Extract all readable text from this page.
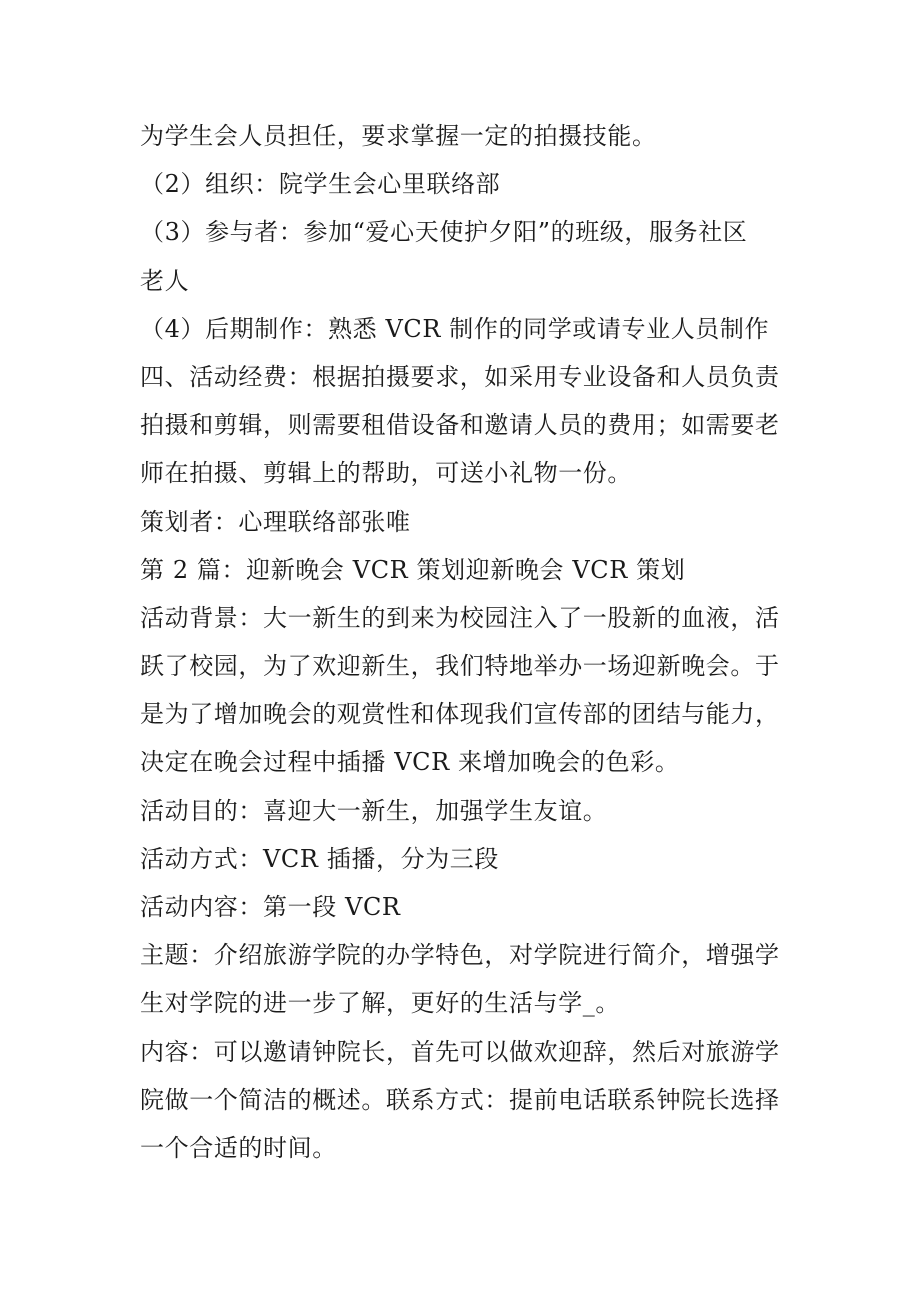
为学生会人员担任，要求掌握一定的拍摄技能。
（2）组织：院学生会心里联络部
（3）参与者：参加“爱心天使护夕阳”的班级，服务社区
老人
（4）后期制作：熟悉 VCR 制作的同学或请专业人员制作
四、活动经费：根据拍摄要求，如采用专业设备和人员负责
拍摄和剪辑，则需要租借设备和邀请人员的费用；如需要老
师在拍摄、剪辑上的帮助，可送小礼物一份。
策划者：心理联络部张唯
第 2 篇：迎新晚会 VCR 策划迎新晚会 VCR 策划
活动背景：大一新生的到来为校园注入了一股新的血液，活
跃了校园，为了欢迎新生，我们特地举办一场迎新晚会。于
是为了增加晚会的观赏性和体现我们宣传部的团结与能力，
决定在晚会过程中插播 VCR 来增加晚会的色彩。
活动目的：喜迎大一新生，加强学生友谊。
活动方式：VCR 插播，分为三段
活动内容：第一段 VCR
主题：介绍旅游学院的办学特色，对学院进行简介，增强学
生对学院的进一步了解，更好的生活与学_。
内容：可以邀请钟院长，首先可以做欢迎辞，然后对旅游学
院做一个简洁的概述。联系方式：提前电话联系钟院长选择
一个合适的时间。
